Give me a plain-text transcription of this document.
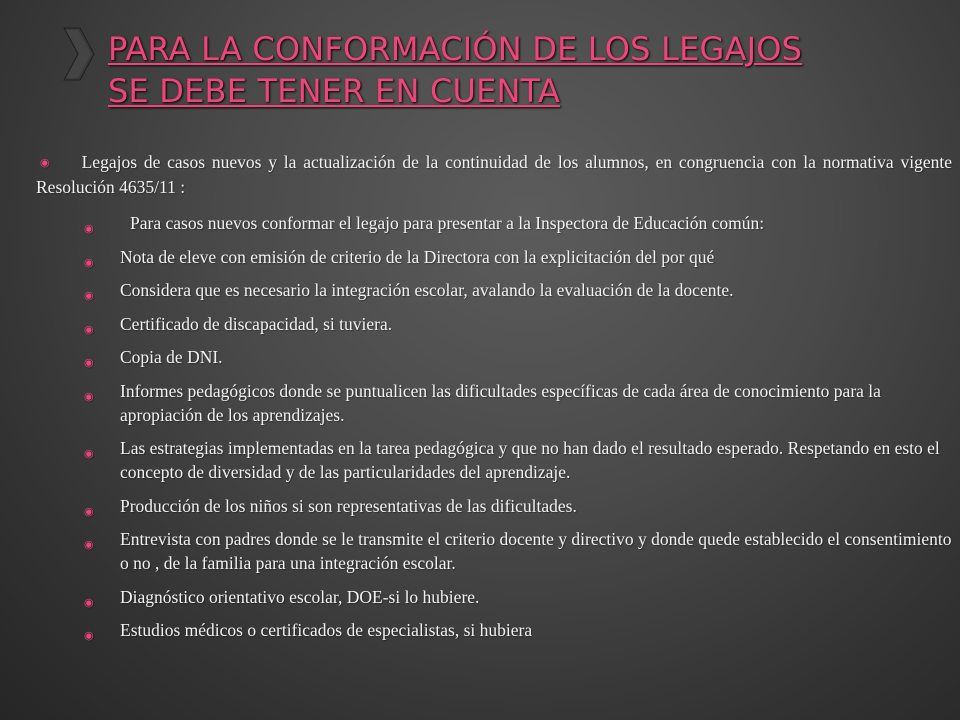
PARA LA CONFORMACIÓN DE LOS LEGAJOS
SE DEBE TENER EN CUENTA

◉ Legajos de casos nuevos y la actualización de la continuidad de los alumnos, en congruencia con la normativa vigente Resolución 4635/11 :

◉ Para casos nuevos conformar el legajo para presentar a la Inspectora de Educación común:
◉ Nota de eleve con emisión de criterio de la Directora con la explicitación del por qué
◉ Considera que es necesario la integración escolar, avalando la evaluación de la docente.
◉ Certificado de discapacidad, si tuviera.
◉ Copia de DNI.
◉ Informes pedagógicos donde se puntualicen las dificultades específicas de cada área de conocimiento para la apropiación de los aprendizajes.
◉ Las estrategias implementadas en la tarea pedagógica y que no han dado el resultado esperado. Respetando en esto el concepto de diversidad y de las particularidades del aprendizaje.
◉ Producción de los niños si son representativas de las dificultades.
◉ Entrevista con padres donde se le transmite el criterio docente y directivo y donde quede establecido el consentimiento o no , de la familia para una integración escolar.
◉ Diagnóstico orientativo escolar, DOE-si lo hubiere.
◉ Estudios médicos o certificados de especialistas, si hubiera
